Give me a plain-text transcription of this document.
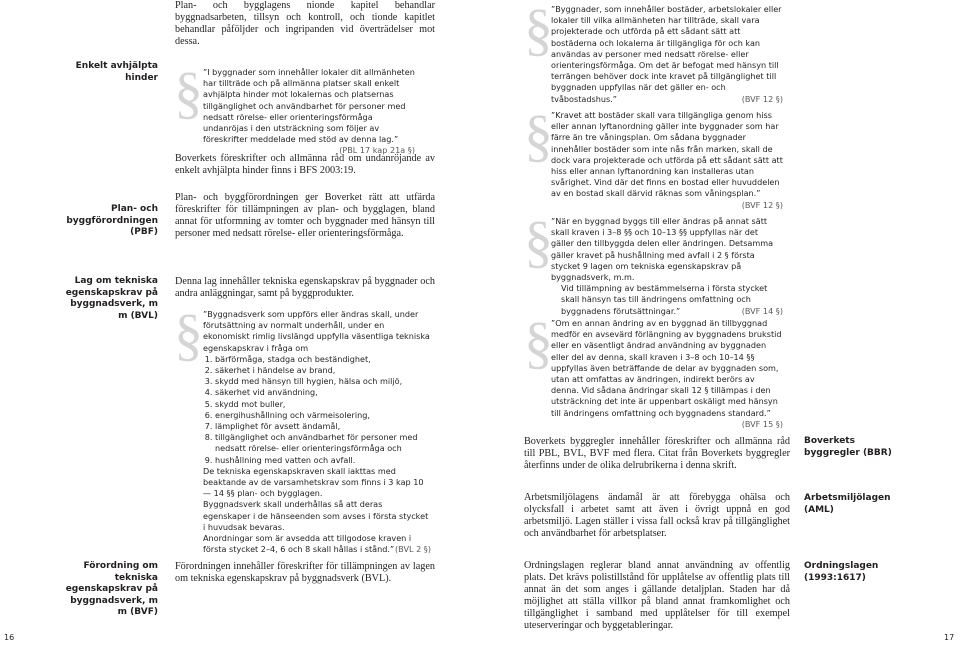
Enkelt avhjälpta hinder

Plan- och byggförordningen (PBF)

Lag om tekniska egenskapskrav på byggnadsverk, m m (BVL)

Förordning om tekniska egenskapskrav på byggnadsverk, m m (BVF)

Plan- och bygglagens nionde kapitel behandlar byggnadsarbeten, tillsyn och kontroll, och tionde kapitlet behandlar påföljder och ingripanden vid överträdelser mot dessa.

§ ”I byggnader som innehåller lokaler dit allmänheten har tillträde och på allmänna platser skall enkelt avhjälpta hinder mot lokalernas och platsernas tillgänglighet och användbarhet för personer med nedsatt rörelse- eller orienteringsförmåga undanröjas i den utsträckning som följer av föreskrifter meddelade med stöd av denna lag.”
(PBL 17 kap 21a §)

Boverkets föreskrifter och allmänna råd om undanröjande av enkelt avhjälpta hinder finns i BFS 2003:19.

Plan- och byggförordningen ger Boverket rätt att utfärda föreskrifter för tillämpningen av plan- och bygglagen, bland annat för utformning av tomter och byggnader med hänsyn till personer med nedsatt rörelse- eller orienteringsförmåga.

Denna lag innehåller tekniska egenskapskrav på byggnader och andra anläggningar, samt på byggprodukter.

§ ”Byggnadsverk som uppförs eller ändras skall, under förutsättning av normalt underhåll, under en ekonomiskt rimlig livslängd uppfylla väsentliga tekniska egenskapskrav i fråga om
1. bärförmåga, stadga och beständighet,
2. säkerhet i händelse av brand,
3. skydd med hänsyn till hygien, hälsa och miljö,
4. säkerhet vid användning,
5. skydd mot buller,
6. energihushållning och värmeisolering,
7. lämplighet för avsett ändamål,
8. tillgänglighet och användbarhet för personer med nedsatt rörelse- eller orienteringsförmåga och
9. hushållning med vatten och avfall.
De tekniska egenskapskraven skall iakttas med beaktande av de varsamhetskrav som finns i 3 kap 10 — 14 §§ plan- och bygglagen.
Byggnadsverk skall underhållas så att deras egenskaper i de hänseenden som avses i första stycket i huvudsak bevaras.
Anordningar som är avsedda att tillgodose kraven i första stycket 2–4, 6 och 8 skall hållas i stånd.” (BVL 2 §)

Förordningen innehåller föreskrifter för tillämpningen av lagen om tekniska egenskapskrav på byggnadsverk (BVL).

16
§
”Byggnader, som innehåller bostäder, arbetslokaler eller lokaler till vilka allmänheten har tillträde, skall vara projekterade och utförda på ett sådant sätt att bostäderna och lokalerna är tillgängliga för och kan användas av personer med nedsatt rörelse- eller orienteringsförmåga. Om det är befogat med hänsyn till terrängen behöver dock inte kravet på tillgänglighet till byggnaden uppfyllas när det gäller en- och tvåbostadshus.”	(BVF 12 §)
§
”Kravet att bostäder skall vara tillgängliga genom hiss eller annan lyftanordning gäller inte byggnader som har färre än tre våningsplan. Om sådana byggnader innehåller bostäder som inte nås från marken, skall de dock vara projekterade och utförda på ett sådant sätt att hiss eller annan lyftanordning kan installeras utan svårighet. Vind där det finns en bostad eller huvuddelen av en bostad skall därvid räknas som våningsplan.”
(BVF 12 §)
§
”När en byggnad byggs till eller ändras på annat sätt skall kraven i 3–8 §§ och 10–13 §§ uppfyllas när det gäller den tillbyggda delen eller ändringen. Detsamma gäller kravet på hushållning med avfall i 2 § första stycket 9 lagen om tekniska egenskapskrav på byggnadsverk, m.m.
Vid tillämpning av bestämmelserna i första stycket skall hänsyn tas till ändringens omfattning och byggnadens förutsättningar.”	(BVF 14 §)
§
”Om en annan ändring av en byggnad än tillbyggnad medför en avsevärd förlängning av byggnadens brukstid eller en väsentligt ändrad användning av byggnaden eller del av denna, skall kraven i 3–8 och 10–14 §§ uppfyllas även beträffande de delar av byggnaden som, utan att omfattas av ändringen, indirekt berörs av denna. Vid sådana ändringar skall 12 § tillämpas i den utsträckning det inte är uppenbart oskäligt med hänsyn till ändringens omfattning och byggnadens standard.”
(BVF 15 §)

Boverkets byggregler innehåller föreskrifter och allmänna råd till PBL, BVL, BVF med flera. Citat från Boverkets byggregler återfinns under de olika delrubrikerna i denna skrift.

Arbetsmiljölagens ändamål är att förebygga ohälsa och olycksfall i arbetet samt att även i övrigt uppnå en god arbetsmiljö. Lagen ställer i vissa fall också krav på tillgänglighet och användbarhet för arbetsplatser.

Ordningslagen reglerar bland annat användning av offentlig plats. Det krävs polistillstånd för upplåtelse av offentlig plats till annat än det som anges i gällande detaljplan. Staden har då möjlighet att ställa villkor på bland annat framkomlighet och tillgänglighet i samband med upplåtelser för till exempel uteserveringar och byggetableringar.

Boverkets byggregler (BBR)

Arbetsmiljölagen (AML)

Ordningslagen (1993:1617)

17
